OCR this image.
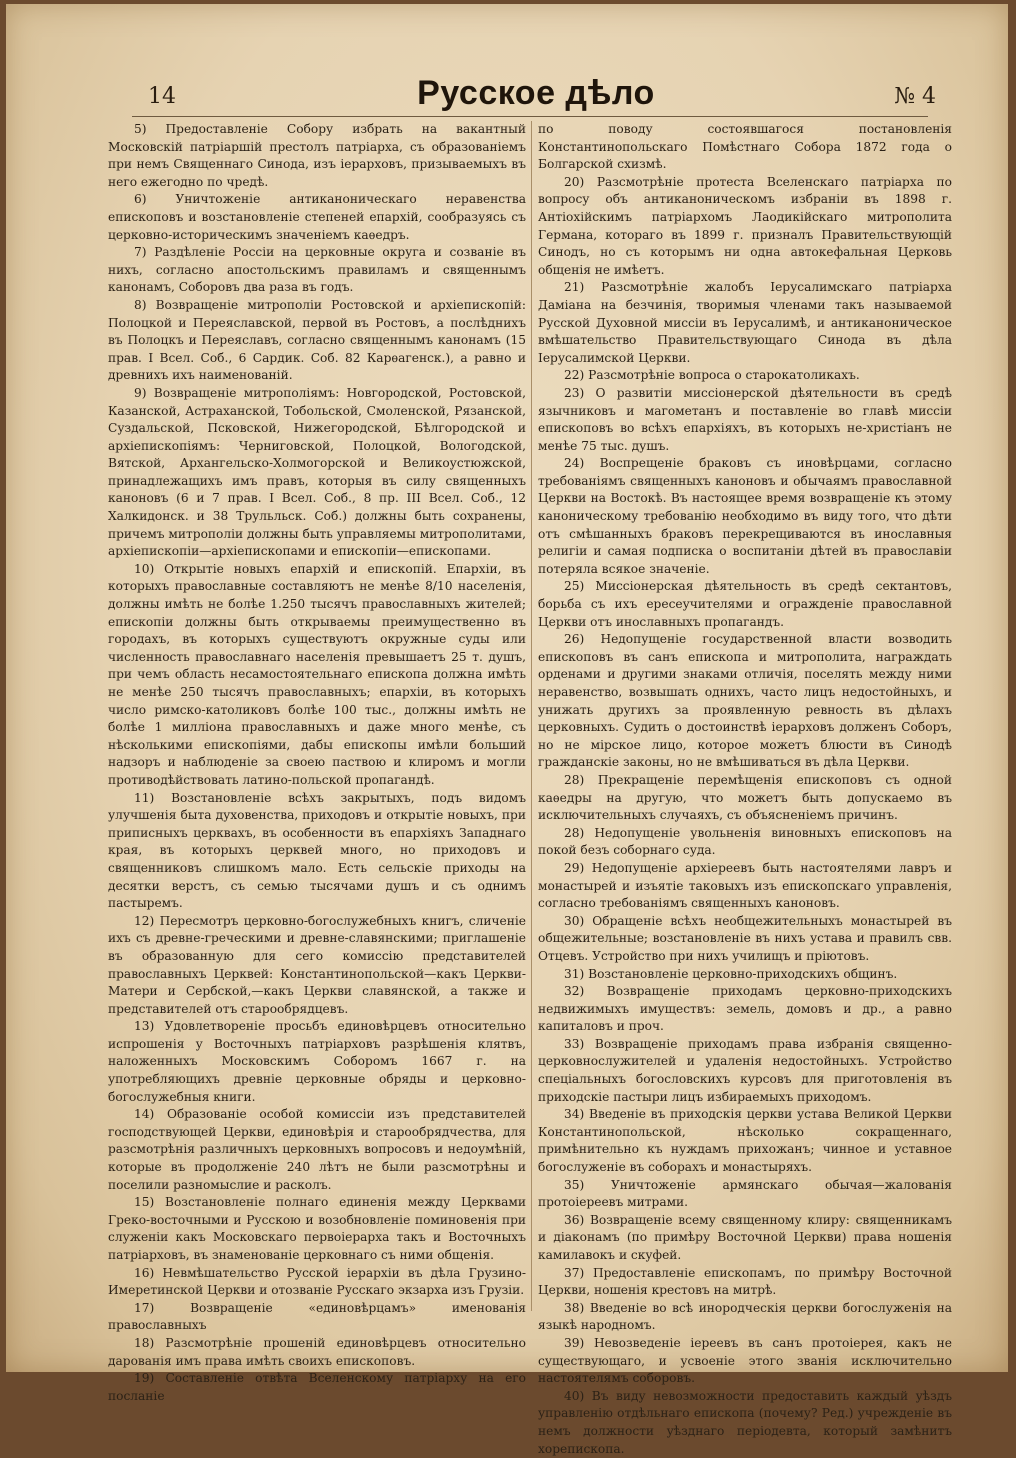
14	Русское дѣло	№ 4

5) Предоставленіе Собору избрать на вакантный Московскій патріаршій престолъ патріарха, съ образованіемъ при немъ Священнаго Синода, изъ іерарховъ, призываемыхъ въ него ежегодно по чредѣ.

6) Уничтоженіе антиканоническаго неравенства епископовъ и возстановленіе степеней епархій, сообразуясь съ церковно-историческимъ значеніемъ каѳедръ.

7) Раздѣленіе Россіи на церковные округа и созваніе въ нихъ, согласно апостольскимъ правиламъ и священнымъ канонамъ, Соборовъ два раза въ годъ.

8) Возвращеніе митрополіи Ростовской и архіепископій: Полоцкой и Переяславской, первой въ Ростовъ, а послѣднихъ въ Полоцкъ и Переяславъ, согласно священнымъ канонамъ (15 прав. I Всел. Соб., 6 Сардик. Соб. 82 Карѳагенск.), а равно и древнихъ ихъ наименованій.

9) Возвращеніе митрополіямъ: Новгородской, Ростовской, Казанской, Астраханской, Тобольской, Смоленской, Рязанской, Суздальской, Псковской, Нижегородской, Бѣлгородской и архіепископіямъ: Черниговской, Полоцкой, Вологодской, Вятской, Архангельско-Холмогорской и Великоустюжской, принадлежащихъ имъ правъ, которыя въ силу священныхъ каноновъ (6 и 7 прав. I Всел. Соб., 8 пр. III Всел. Соб., 12 Халкидонск. и 38 Трульльск. Соб.) должны быть сохранены, причемъ митрополіи должны быть управляемы митрополитами, архіепископіи—архіепископами и епископіи—епископами.

10) Открытіе новыхъ епархій и епископій. Епархіи, въ которыхъ православные составляютъ не менѣе 8/10 населенія, должны имѣть не болѣе 1.250 тысячъ православныхъ жителей; епископіи должны быть открываемы преимущественно въ городахъ, въ которыхъ существуютъ окружные суды или численность православнаго населенія превышаетъ 25 т. душъ, при чемъ область несамостоятельнаго епископа должна имѣть не менѣе 250 тысячъ православныхъ; епархіи, въ которыхъ число римско-католиковъ болѣе 100 тыс., должны имѣть не болѣе 1 милліона православныхъ и даже много менѣе, съ нѣсколькими епископіями, дабы епископы имѣли больший надзоръ и наблюденіе за своею паствою и клиромъ и могли противодѣйствовать латино-польской пропагандѣ.

11) Возстановленіе всѣхъ закрытыхъ, подъ видомъ улучшенія быта духовенства, приходовъ и открытіе новыхъ, при приписныхъ церквахъ, въ особенности въ епархіяхъ Западнаго края, въ которыхъ церквей много, но приходовъ и священниковъ слишкомъ мало. Есть сельскіе приходы на десятки верстъ, съ семью тысячами душъ и съ однимъ пастыремъ.

12) Пересмотръ церковно-богослужебныхъ книгъ, сличеніе ихъ съ древне-греческими и древне-славянскими; приглашеніе въ образованную для сего комиссію представителей православныхъ Церквей: Константинопольской—какъ Церкви-Матери и Сербской,—какъ Церкви славянской, а также и представителей отъ старообрядцевъ.

13) Удовлетвореніе просьбъ единовѣрцевъ относительно испрошенія у Восточныхъ патріарховъ разрѣшенія клятвъ, наложенныхъ Московскимъ Соборомъ 1667 г. на употребляющихъ древніе церковные обряды и церковно-богослужебныя книги.

14) Образованіе особой комиссіи изъ представителей господствующей Церкви, единовѣрія и старообрядчества, для разсмотрѣнія различныхъ церковныхъ вопросовъ и недоумѣній, которые въ продолженіе 240 лѣтъ не были разсмотрѣны и поселили разномыслие и расколъ.

15) Возстановленіе полнаго единенія между Церквами Греко-восточными и Русскою и возобновленіе поминовенія при служеніи какъ Московскаго первоіерарха такъ и Восточныхъ патріарховъ, въ знаменованіе церковнаго съ ними общенія.

16) Невмѣшательство Русской іерархіи въ дѣла Грузино-Имеретинской Церкви и отозваніе Русскаго экзарха изъ Грузіи.

17) Возвращеніе «единовѣрцамъ» именованія православныхъ

18) Разсмотрѣніе прошеній единовѣрцевъ относительно дарованія имъ права имѣть своихъ епископовъ.

19) Составленіе отвѣта Вселенскому патріарху на его посланіе

по поводу состоявшагося постановленія Константинопольскаго Помѣстнаго Собора 1872 года о Болгарской схизмѣ.

20) Разсмотрѣніе протеста Вселенскаго патріарха по вопросу объ антиканоническомъ избраніи въ 1898 г. Антіохійскимъ патріархомъ Лаодикійскаго митрополита Германа, котораго въ 1899 г. призналъ Правительствующій Синодъ, но съ которымъ ни одна автокефальная Церковь общенія не имѣетъ.

21) Разсмотрѣніе жалобъ Іерусалимскаго патріарха Даміана на безчинія, творимыя членами такъ называемой Русской Духовной миссіи въ Іерусалимѣ, и антиканоническое вмѣшательство Правительствующаго Синода въ дѣла Іерусалимской Церкви.

22) Разсмотрѣніе вопроса о старокатоликахъ.

23) О развитіи миссіонерской дѣятельности въ средѣ язычниковъ и магометанъ и поставленіе во главѣ миссіи епископовъ во всѣхъ епархіяхъ, въ которыхъ не-христіанъ не менѣе 75 тыс. душъ.

24) Воспрещеніе браковъ съ иновѣрцами, согласно требованіямъ священныхъ каноновъ и обычаямъ православной Церкви на Востокѣ. Въ настоящее время возвращеніе къ этому каноническому требованію необходимо въ виду того, что дѣти отъ смѣшанныхъ браковъ перекрещиваются въ инославныя религіи и самая подписка о воспитаніи дѣтей въ православіи потеряла всякое значеніе.

25) Миссіонерская дѣятельность въ средѣ сектантовъ, борьба съ ихъ ересеучителями и огражденіе православной Церкви отъ инославныхъ пропагандъ.

26) Недопущеніе государственной власти возводить епископовъ въ санъ епископа и митрополита, награждать орденами и другими знаками отличія, поселять между ними неравенство, возвышать однихъ, часто лицъ недостойныхъ, и унижать другихъ за проявленную ревность въ дѣлахъ церковныхъ. Судить о достоинствѣ іерарховъ долженъ Соборъ, но не мірское лицо, которое можетъ блюсти въ Синодѣ гражданскіе законы, но не вмѣшиваться въ дѣла Церкви.

28) Прекращеніе перемѣщенія епископовъ съ одной каѳедры на другую, что можетъ быть допускаемо въ исключительныхъ случаяхъ, съ объясненіемъ причинъ.

28) Недопущеніе увольненія виновныхъ епископовъ на покой безъ соборнаго суда.

29) Недопущеніе архіереевъ быть настоятелями лавръ и монастырей и изъятіе таковыхъ изъ епископскаго управленія, согласно требованіямъ священныхъ каноновъ.

30) Обращеніе всѣхъ необщежительныхъ монастырей въ общежительные; возстановленіе въ нихъ устава и правилъ свв. Отцевъ. Устройство при нихъ училищъ и пріютовъ.

31) Возстановленіе церковно-приходскихъ общинъ.

32) Возвращеніе приходамъ церковно-приходскихъ недвижимыхъ имуществъ: земель, домовъ и др., а равно капиталовъ и проч.

33) Возвращеніе приходамъ права избранія священно-церковнослужителей и удаленія недостойныхъ. Устройство спеціальныхъ богословскихъ курсовъ для приготовленія въ приходскіе пастыри лицъ избираемыхъ приходомъ.

34) Введеніе въ приходскія церкви устава Великой Церкви Константинопольской, нѣсколько сокращеннаго, примѣнительно къ нуждамъ прихожанъ; чинное и уставное богослуженіе въ соборахъ и монастыряхъ.

35) Уничтоженіе армянскаго обычая—жалованія протоіереевъ митрами.

36) Возвращеніе всему священному клиру: священникамъ и діаконамъ (по примѣру Восточной Церкви) права ношенія камилавокъ и скуфей.

37) Предоставленіе епископамъ, по примѣру Восточной Церкви, ношенія крестовъ на митрѣ.

38) Введеніе во всѣ инородческія церкви богослуженія на языкѣ народномъ.

39) Невозведеніе іереевъ въ санъ протоіерея, какъ не существующаго, и усвоеніе этого званія исключительно настоятелямъ соборовъ.

40) Въ виду невозможности предоставить каждый уѣздъ управленію отдѣльнаго епископа (почему? Ред.) учрежденіе въ немъ должности уѣзднаго періодевта, который замѣнитъ хорепископа.
